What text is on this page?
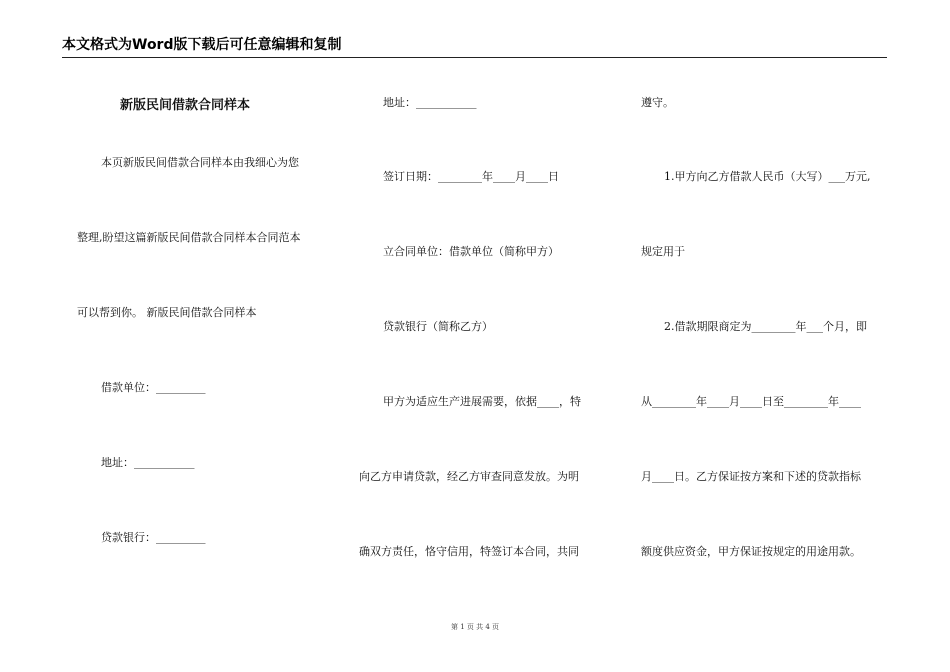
本文格式为Word版下载后可任意编辑和复制
新版民间借款合同样本
本页新版民间借款合同样本由我细心为您
整理,盼望这篇新版民间借款合同样本合同范本
可以帮到你。 新版民间借款合同样本
借款单位：_________
地址：___________
贷款银行：_________
地址：___________
签订日期：________年____月____日
立合同单位：借款单位（简称甲方）
贷款银行（简称乙方）
甲方为适应生产进展需要，依据____，特
向乙方申请贷款，经乙方审查同意发放。为明
确双方责任，恪守信用，特签订本合同，共同
遵守。
1.甲方向乙方借款人民币（大写）___万元,
规定用于
2.借款期限商定为________年___个月，即
从________年____月____日至________年____
月____日。乙方保证按方案和下述的贷款指标
额度供应资金，甲方保证按规定的用途用款。
第 1 页 共 4 页
